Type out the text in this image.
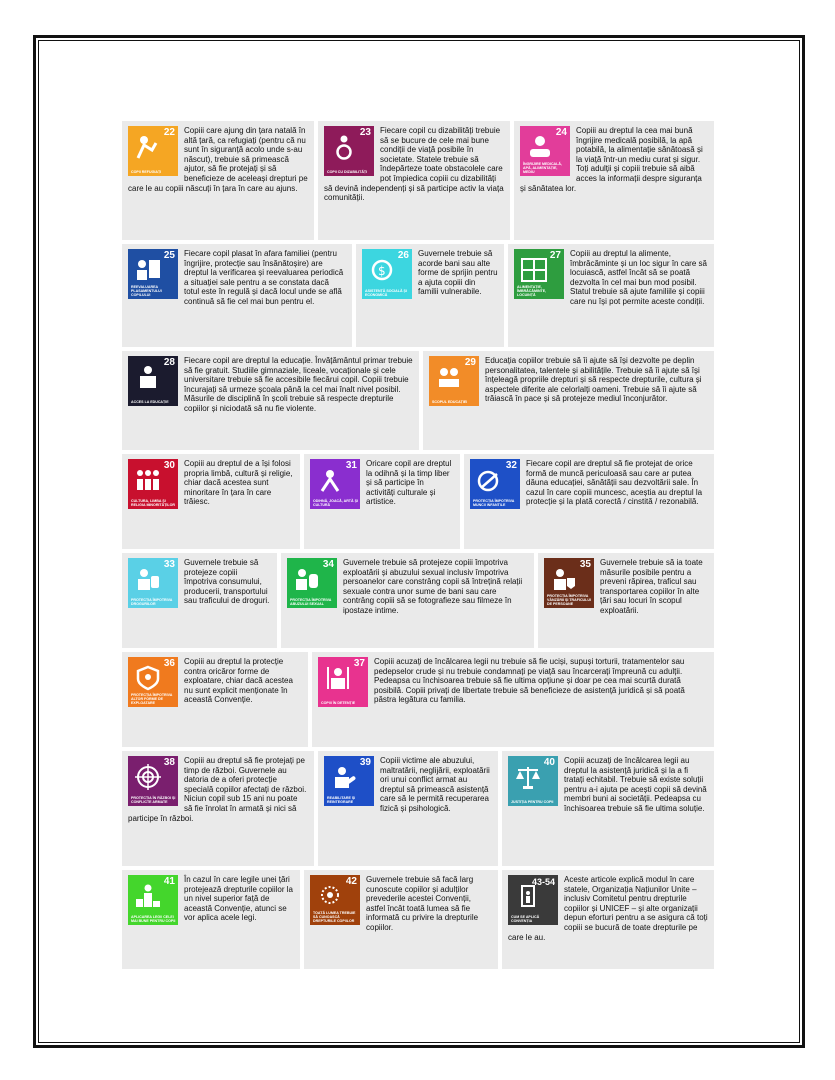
22
COPII REFUGIAȚI

Copiii care ajung din țara natală în altă țară, ca refugiați (pentru că nu sunt în siguranță acolo unde s-au născut), trebuie să primească ajutor, să fie protejați și să beneficieze de aceleași drepturi pe care le au copiii născuți în țara în care au ajuns.

23
COPII CU DIZABILITĂȚI

Fiecare copil cu dizabilități trebuie să se bucure de cele mai bune condiții de viață posibile în societate. Statele trebuie să îndepărteze toate obstacolele care pot împiedica copiii cu dizabilități să devină independenți și să participe activ la viața comunității.

24
ÎNGRIJIRE MEDICALĂ, APĂ, ALIMENTAȚIE, MEDIU

Copiii au dreptul la cea mai bună îngrijire medicală posibilă, la apă potabilă, la alimentație sănătoasă și la viață într-un mediu curat și sigur. Toți adulții și copiii trebuie să aibă acces la informații despre siguranța și sănătatea lor.

25
REEVALUAREA PLASAMENTULUI COPILULUI

Fiecare copil plasat în afara familiei (pentru îngrijire, protecție sau însănătoșire) are dreptul la verificarea și reevaluarea periodică a situației sale pentru a se constata dacă totul este în regulă și dacă locul unde se află continuă să fie cel mai bun pentru el.

26
$
ASISTENȚĂ SOCIALĂ ȘI ECONOMICĂ

Guvernele trebuie să acorde bani sau alte forme de sprijin pentru a ajuta copiii din familii vulnerabile.

27
ALIMENTAȚIE, ÎMBRĂCĂMINTE, LOCUINȚĂ

Copiii au dreptul la alimente, îmbrăcăminte și un loc sigur în care să locuiască, astfel încât să se poată dezvolta în cel mai bun mod posibil. Statul trebuie să ajute familiile și copiii care nu își pot permite aceste condiții.

28
ACCES LA EDUCAȚIE

Fiecare copil are dreptul la educație. Învățământul primar trebuie să fie gratuit. Studiile gimnaziale, liceale, vocaționale și cele universitare trebuie să fie accesibile fiecărui copil. Copiii trebuie încurajați să urmeze școala până la cel mai înalt nivel posibil. Măsurile de disciplină în școli trebuie să respecte drepturile copiilor și niciodată să nu fie violente.

29
SCOPUL EDUCAȚIEI

Educația copiilor trebuie să îi ajute să își dezvolte pe deplin personalitatea, talentele și abilitățile. Trebuie să îi ajute să își înțeleagă propriile drepturi și să respecte drepturile, cultura și aspectele diferite ale celorlalți oameni. Trebuie să îi ajute să trăiască în pace și să protejeze mediul înconjurător.

30
CULTURA, LIMBA ȘI RELIGIA MINORITĂȚILOR

Copiii au dreptul de a își folosi propria limbă, cultură și religie, chiar dacă acestea sunt minoritare în țara în care trăiesc.

31
ODIHNĂ, JOACĂ, ARTĂ ȘI CULTURĂ

Oricare copil are dreptul la odihnă și la timp liber și să participe în activități culturale și artistice.

32
PROTECȚIA ÎMPOTRIVA MUNCII INFANTILE

Fiecare copil are dreptul să fie protejat de orice formă de muncă periculoasă sau care ar putea dăuna educației, sănătății sau dezvoltării sale. În cazul în care copiii muncesc, aceștia au dreptul la protecție și la plată corectă / cinstită / rezonabilă.

33
PROTECȚIA ÎMPOTRIVA DROGURILOR

Guvernele trebuie să protejeze copiii împotriva consumului, producerii, transportului sau traficului de droguri.

34
PROTECȚIA ÎMPOTRIVA ABUZULUI SEXUAL

Guvernele trebuie să protejeze copiii împotriva exploatării și abuzului sexual inclusiv împotriva persoanelor care constrâng copii să întrețină relații sexuale contra unor sume de bani sau care contrâng copiii să se fotografieze sau filmeze în ipostaze intime.

35
PROTECȚIA ÎMPOTRIVA VÂNZĂRII ȘI TRAFICULUI DE PERSOANE

Guvernele trebuie să ia toate măsurile posibile pentru a preveni răpirea, traficul sau transportarea copiilor în alte țări sau locuri în scopul exploatării.

36
PROTECȚIA ÎMPOTRIVA ALTOR FORME DE EXPLOATARE

Copiii au dreptul la protecție contra oricăror forme de exploatare, chiar dacă acestea nu sunt explicit menționate în această Convenție.

37
COPIII ÎN DETENȚIE

Copiii acuzați de încălcarea legii nu trebuie să fie uciși, supuși torturii, tratamentelor sau pedepselor crude și nu trebuie condamnați pe viață sau încarcerați împreună cu adulții. Pedeapsa cu închisoarea trebuie să fie ultima opțiune și doar pe cea mai scurtă durată posibilă. Copiii privați de libertate trebuie să beneficieze de asistență juridică și să poată păstra legătura cu familia.

38
PROTECȚIA ÎN RĂZBOI ȘI CONFLICTE ARMATE

Copiii au dreptul să fie protejați pe timp de război. Guvernele au datoria de a oferi protecție specială copiilor afectați de război. Niciun copil sub 15 ani nu poate să fie înrolat în armată și nici să participe în război.

39
REABILITARE ȘI REINTEGRARE

Copiii victime ale abuzului, maltratării, neglijării, exploatării ori unui conflict armat au dreptul să primească asistență care să le permită recuperarea fizică și psihologică.

40
JUSTIȚIA PENTRU COPII

Copiii acuzați de încălcarea legii au dreptul la asistență juridică și la a fi tratați echitabil. Trebuie să existe soluții pentru a-i ajuta pe acești copii să devină membri buni ai societății. Pedeapsa cu închisoarea trebuie să fie ultima soluție.

41
APLICAREA LEGII CELEI MAI BUNE PENTRU COPII

În cazul în care legile unei țări protejează drepturile copiilor la un nivel superior față de această Convenție, atunci se vor aplica acele legi.

42
TOATĂ LUMEA TREBUIE SĂ CUNOASCĂ DREPTURILE COPIILOR

Guvernele trebuie să facă larg cunoscute copiilor și adulților prevederile acestei Convenții, astfel încât toată lumea să fie informată cu privire la drepturile copiilor.

43-54
CUM SE APLICĂ CONVENȚIA

Aceste articole explică modul în care statele, Organizația Națiunilor Unite – inclusiv Comitetul pentru drepturile copiilor și UNICEF – și alte organizații depun eforturi pentru a se asigura că toți copiii se bucură de toate drepturile pe care le au.
